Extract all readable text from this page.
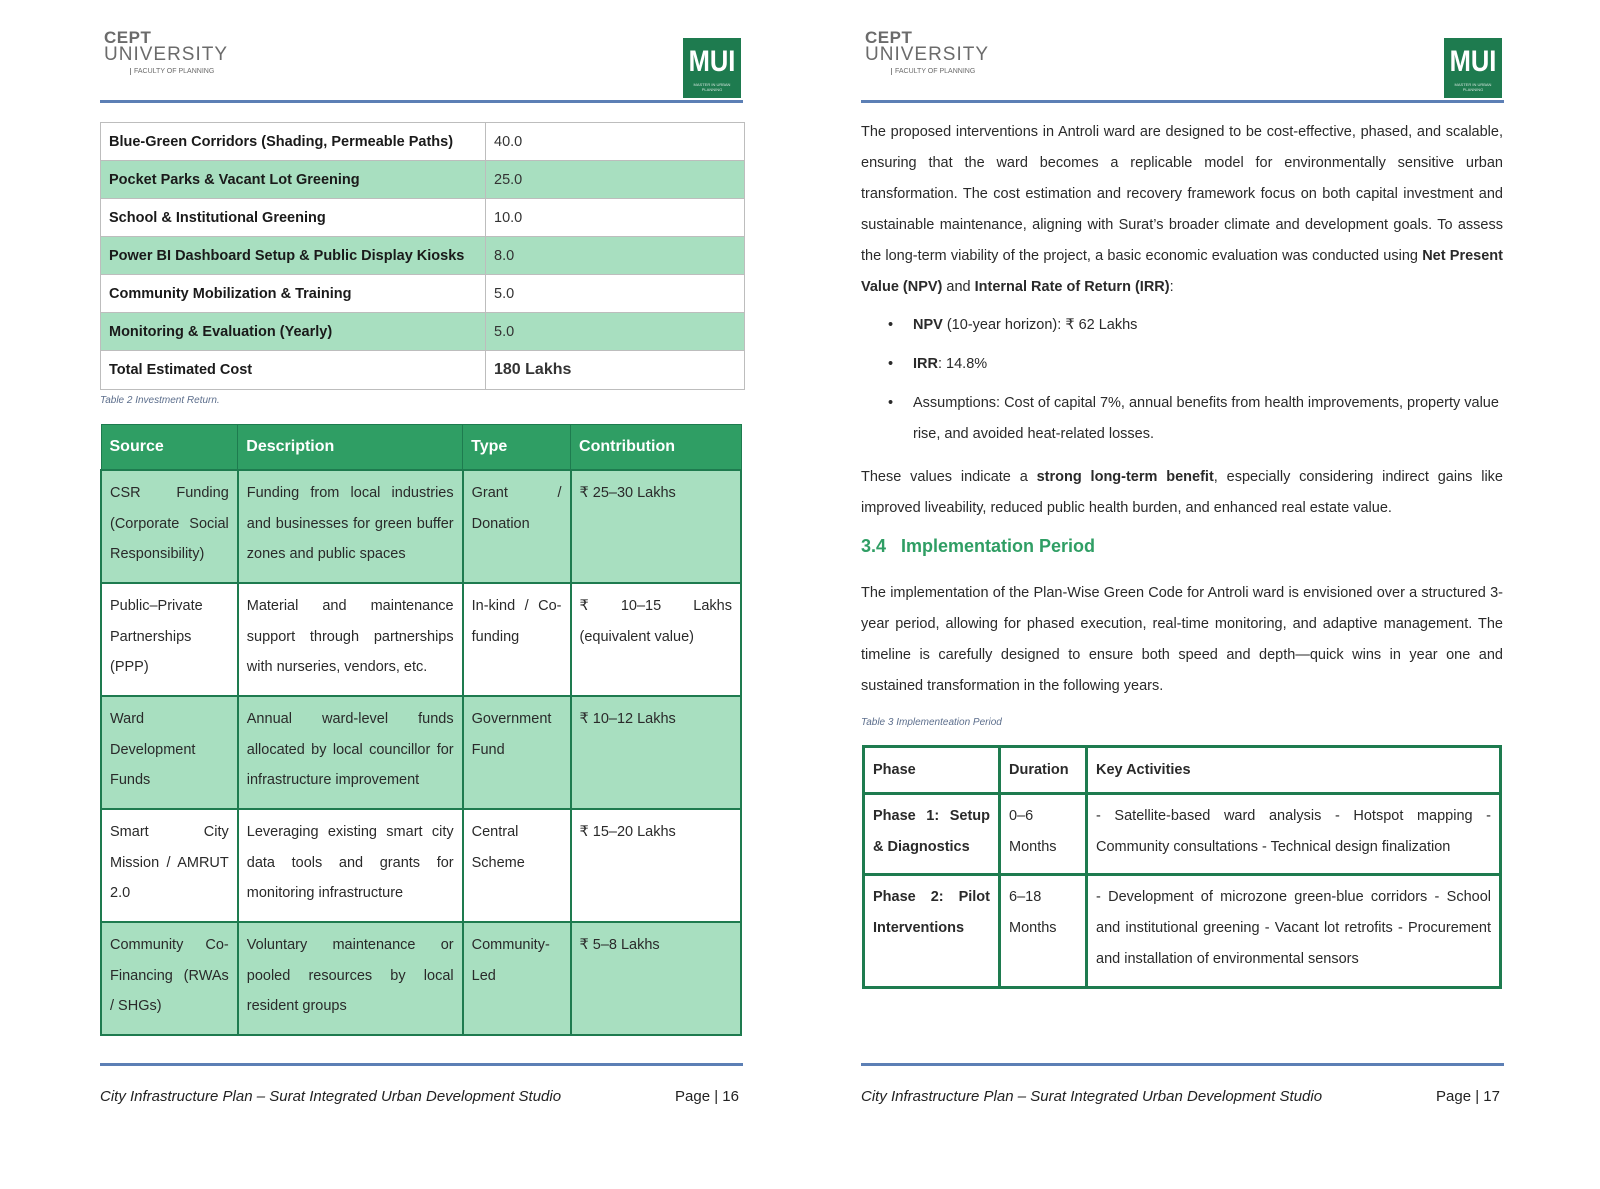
CEPT
UNIVERSITY
FACULTY OF PLANNING	MUI
MASTER IN URBAN PLANNING
Blue-Green Corridors (Shading, Permeable Paths)	40.0
Pocket Parks & Vacant Lot Greening	25.0
School & Institutional Greening	10.0
Power BI Dashboard Setup & Public Display Kiosks	8.0
Community Mobilization & Training	5.0
Monitoring & Evaluation (Yearly)	5.0
Total Estimated Cost	180 Lakhs
Table 2 Investment Return.
Source	Description	Type	Contribution
CSR Funding (Corporate Social Responsibility)	Funding from local industries and businesses for green buffer zones and public spaces	Grant / Donation	₹ 25–30 Lakhs
Public–Private Partnerships (PPP)	Material and maintenance support through partnerships with nurseries, vendors, etc.	In-kind / Co-funding	₹ 10–15 Lakhs (equivalent value)
Ward Development Funds	Annual ward-level funds allocated by local councillor for infrastructure improvement	Government Fund	₹ 10–12 Lakhs
Smart City Mission / AMRUT 2.0	Leveraging existing smart city data tools and grants for monitoring infrastructure	Central Scheme	₹ 15–20 Lakhs
Community Co-Financing (RWAs / SHGs)	Voluntary maintenance or pooled resources by local resident groups	Community-Led	₹ 5–8 Lakhs
City Infrastructure Plan – Surat Integrated Urban Development Studio	Page | 16
CEPT
UNIVERSITY
FACULTY OF PLANNING	MUI
MASTER IN URBAN PLANNING
The proposed interventions in Antroli ward are designed to be cost-effective, phased, and scalable, ensuring that the ward becomes a replicable model for environmentally sensitive urban transformation. The cost estimation and recovery framework focus on both capital investment and sustainable maintenance, aligning with Surat’s broader climate and development goals. To assess the long-term viability of the project, a basic economic evaluation was conducted using Net Present Value (NPV) and Internal Rate of Return (IRR):
• NPV (10-year horizon): ₹ 62 Lakhs
• IRR: 14.8%
• Assumptions: Cost of capital 7%, annual benefits from health improvements, property value rise, and avoided heat-related losses.
These values indicate a strong long-term benefit, especially considering indirect gains like improved liveability, reduced public health burden, and enhanced real estate value.
3.4 Implementation Period
The implementation of the Plan-Wise Green Code for Antroli ward is envisioned over a structured 3-year period, allowing for phased execution, real-time monitoring, and adaptive management. The timeline is carefully designed to ensure both speed and depth—quick wins in year one and sustained transformation in the following years.
Table 3 Implementeation Period
Phase	Duration	Key Activities
Phase 1: Setup & Diagnostics	0–6 Months	- Satellite-based ward analysis - Hotspot mapping - Community consultations - Technical design finalization
Phase 2: Pilot Interventions	6–18 Months	- Development of microzone green-blue corridors - School and institutional greening - Vacant lot retrofits - Procurement and installation of environmental sensors
City Infrastructure Plan – Surat Integrated Urban Development Studio	Page | 17
